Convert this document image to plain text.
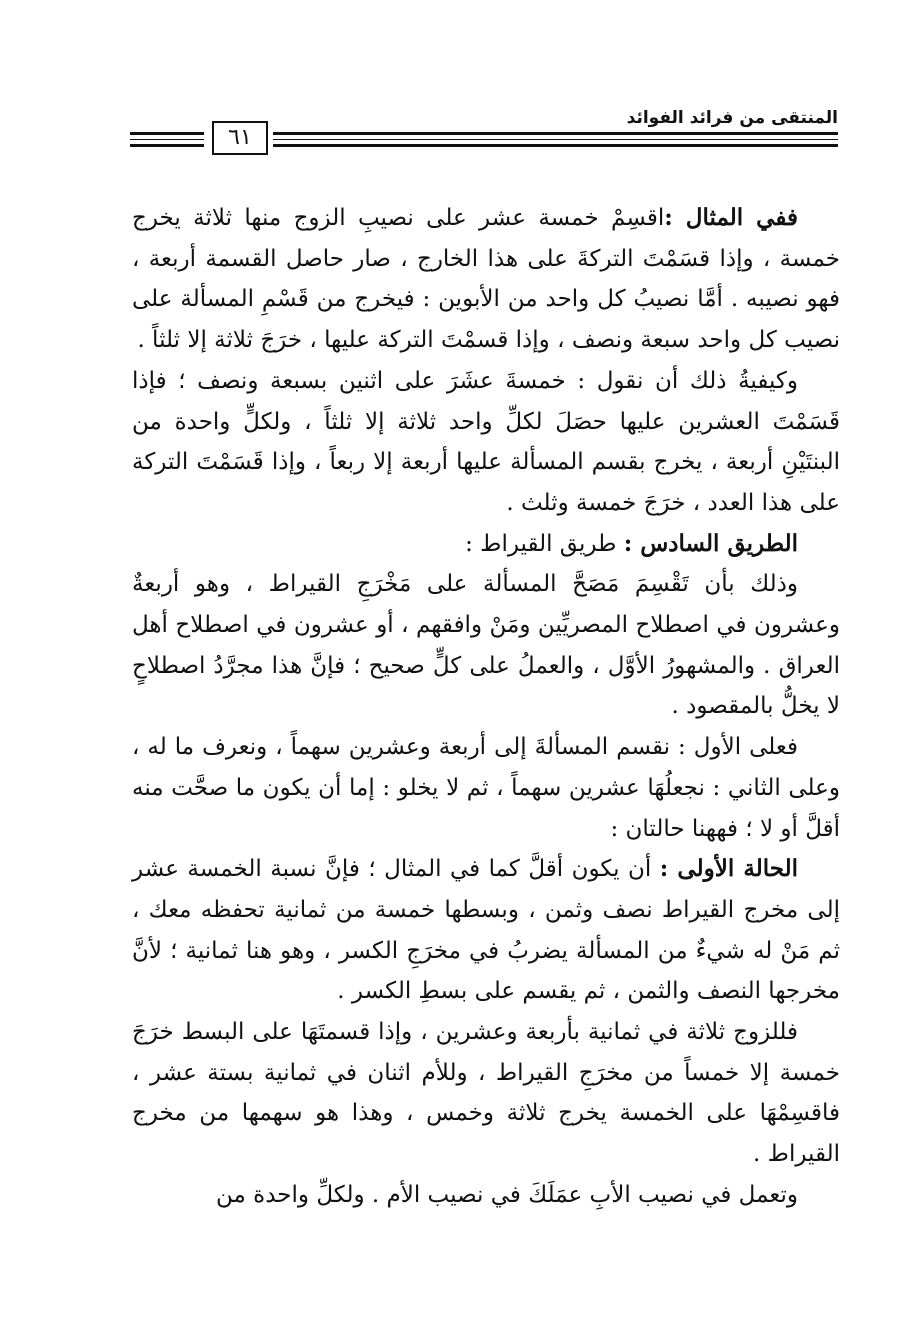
المنتقى من فرائد الفوائد
٦١

ففي المثال :اقسِمْ خمسة عشر على نصيبِ الزوج منها ثلاثة يخرج خمسة ، وإذا قسَمْتَ التركةَ على هذا الخارج ، صار حاصل القسمة أربعة ، فهو نصيبه . أمَّا نصيبُ كل واحد من الأبوين : فيخرج من قَسْمِ المسألة على نصيب كل واحد سبعة ونصف ، وإذا قسمْتَ التركة عليها ، خرَجَ ثلاثة إلا ثلثاً .

وكيفيةُ ذلك أن نقول : خمسةَ عشَرَ على اثنين بسبعة ونصف ؛ فإذا قَسَمْتَ العشرين عليها حصَلَ لكلِّ واحد ثلاثة إلا ثلثاً ، ولكلٍّ واحدة من البنتَيْنِ أربعة ، يخرج بقسم المسألة عليها أربعة إلا ربعاً ، وإذا قَسَمْتَ التركة على هذا العدد ، خرَجَ خمسة وثلث .

الطريق السادس : طريق القيراط :

وذلك بأن تَقْسِمَ مَصَحَّ المسألة على مَخْرَجِ القيراط ، وهو أربعةٌ وعشرون في اصطلاح المصريِّين ومَنْ وافقهم ، أو عشرون في اصطلاح أهل العراق . والمشهورُ الأوَّل ، والعملُ على كلٍّ صحيح ؛ فإنَّ هذا مجرَّدُ اصطلاحٍ لا يخلُّ بالمقصود .

فعلى الأول : نقسم المسألةَ إلى أربعة وعشرين سهماً ، ونعرف ما له ، وعلى الثاني : نجعلُهَا عشرين سهماً ، ثم لا يخلو : إما أن يكون ما صحَّت منه أقلَّ أو لا ؛ فههنا حالتان :

الحالة الأولى : أن يكون أقلَّ كما في المثال ؛ فإنَّ نسبة الخمسة عشر إلى مخرج القيراط نصف وثمن ، وبسطها خمسة من ثمانية تحفظه معك ، ثم مَنْ له شيءٌ من المسألة يضربُ في مخرَجِ الكسر ، وهو هنا ثمانية ؛ لأنَّ مخرجها النصف والثمن ، ثم يقسم على بسطِ الكسر .

فللزوج ثلاثة في ثمانية بأربعة وعشرين ، وإذا قسمتَهَا على البسط خرَجَ خمسة إلا خمساً من مخرَجِ القيراط ، وللأم اثنان في ثمانية بستة عشر ، فاقسِمْهَا على الخمسة يخرج ثلاثة وخمس ، وهذا هو سهمها من مخرج القيراط .

وتعمل في نصيب الأبِ عمَلَكَ في نصيب الأم . ولكلِّ واحدة من
